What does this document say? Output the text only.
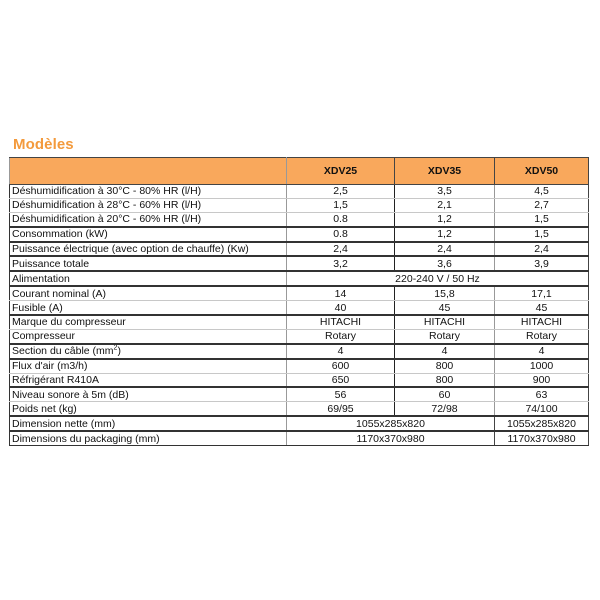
Modèles
	XDV25	XDV35	XDV50
Déshumidification à 30°C - 80% HR (l/H)	2,5	3,5	4,5
Déshumidification à 28°C - 60% HR (l/H)	1,5	2,1	2,7
Déshumidification à 20°C - 60% HR (l/H)	0.8	1,2	1,5
Consommation (kW)	0.8	1,2	1,5
Puissance électrique (avec option de chauffe) (Kw)	2,4	2,4	2,4
Puissance totale	3,2	3,6	3,9
Alimentation	220-240 V / 50 Hz		
Courant nominal (A)	14	15,8	17,1
Fusible (A)	40	45	45
Marque du compresseur	HITACHI	HITACHI	HITACHI
Compresseur	Rotary	Rotary	Rotary
Section du câble $(mm^2)$	4	4	4
Flux d'air (m3/h)	600	800	1000
Réfrigérant R410A	650	800	900
Niveau sonore à 5m (dB)	56	60	63
Poids net (kg)	69/95	72/98	74/100
Dimension nette (mm)	1055x285x820		1055x285x820
Dimensions du packaging (mm)	1170x370x980		1170x370x980
